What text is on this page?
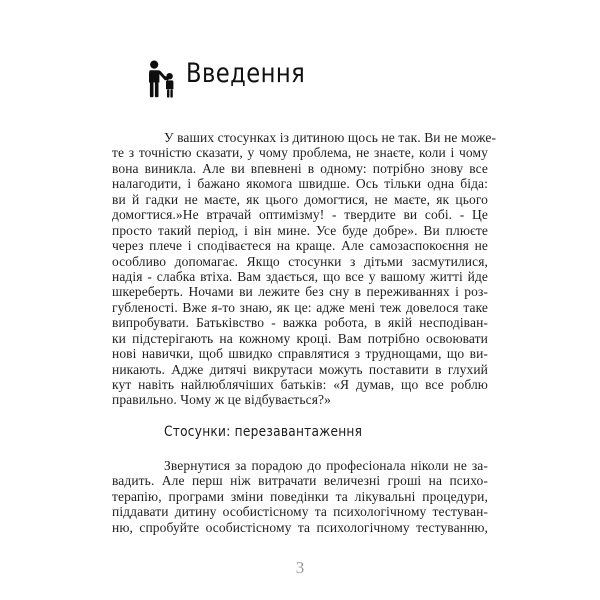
Введення
У ваших стосунках із дитиною щось не так. Ви не може-
те з точністю сказати, у чому проблема, не знаєте, коли і чому
вона виникла. Але ви впевнені в одному: потрібно знову все
налагодити, і бажано якомога швидше. Ось тільки одна біда:
ви й гадки не маєте, як цього домогтися, не маєте, як цього
домогтися.»Не втрачай оптимізму! - твердите ви собі. - Це
просто такий період, і він мине. Усе буде добре». Ви плюєте
через плече і сподіваєтеся на краще. Але самозаспокоєння не
особливо допомагає. Якщо стосунки з дітьми засмутилися,
надія - слабка втіха. Вам здається, що все у вашому житті йде
шкереберть. Ночами ви лежите без сну в переживаннях і роз-
губленості. Вже я-то знаю, як це: адже мені теж довелося таке
випробувати. Батьківство - важка робота, в якій несподіван-
ки підстерігають на кожному кроці. Вам потрібно освоювати
нові навички, щоб швидко справлятися з труднощами, що ви-
никають. Адже дитячі викрутаси можуть поставити в глухий
кут навіть найлюблячіших батьків: «Я думав, що все роблю
правильно. Чому ж це відбувається?»
Стосунки: перезавантаження
Звернутися за порадою до професіонала ніколи не за-
вадить. Але перш ніж витрачати величезні гроші на психо-
терапію, програми зміни поведінки та лікувальні процедури,
піддавати дитину особистісному та психологічному тестуван-
ню, спробуйте особистісному та психологічному тестуванню,
3
